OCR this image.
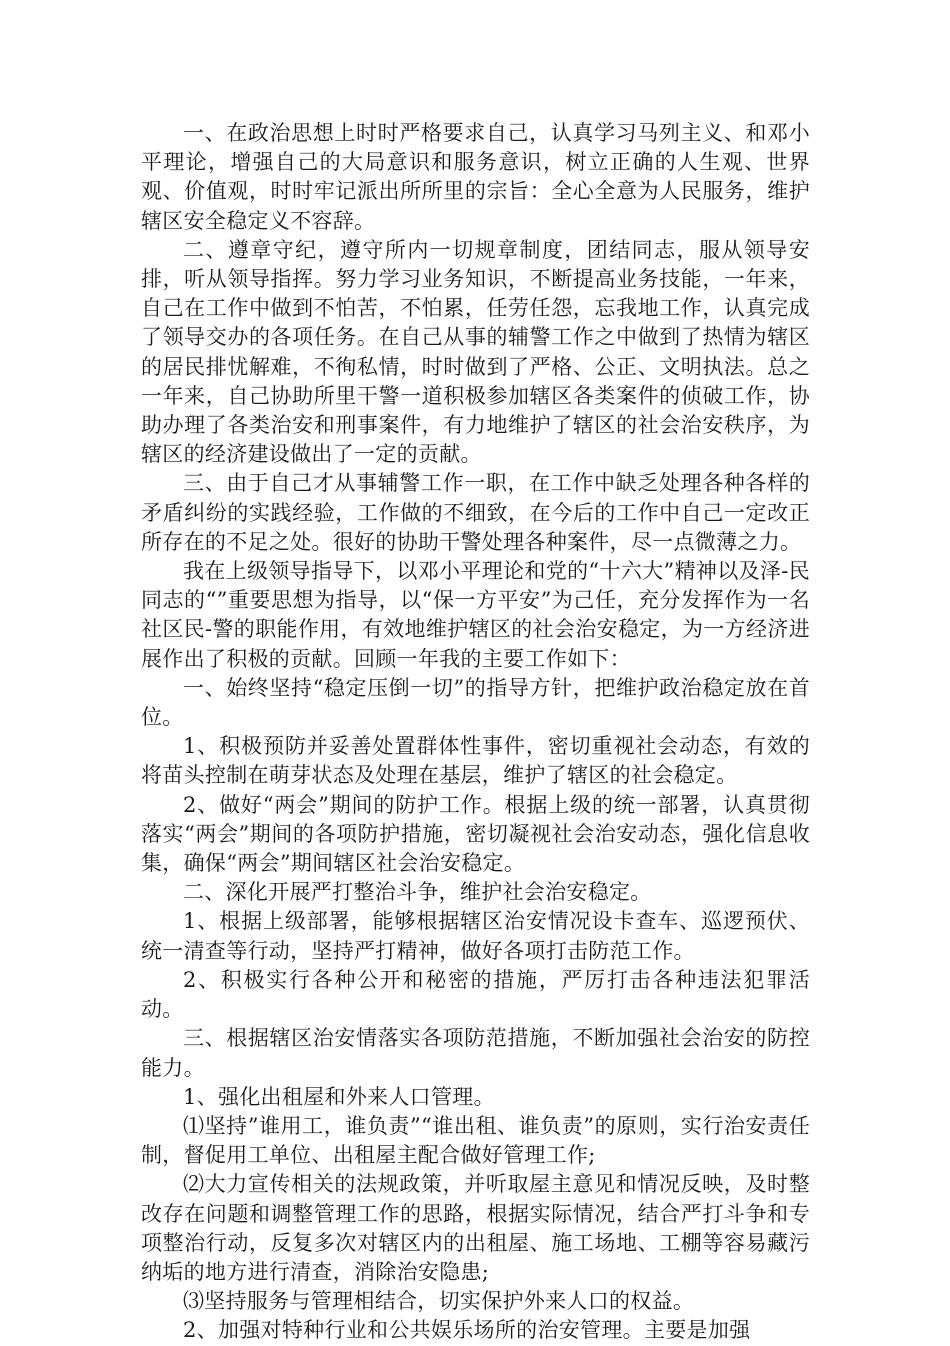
一、在政治思想上时时严格要求自己，认真学习马列主义、和邓小平理论，增强自己的大局意识和服务意识，树立正确的人生观、世界观、价值观，时时牢记派出所所里的宗旨：全心全意为人民服务，维护辖区安全稳定义不容辞。

二、遵章守纪，遵守所内一切规章制度，团结同志，服从领导安排，听从领导指挥。努力学习业务知识，不断提高业务技能，一年来，自己在工作中做到不怕苦，不怕累，任劳任怨，忘我地工作，认真完成了领导交办的各项任务。在自己从事的辅警工作之中做到了热情为辖区的居民排忧解难，不徇私情，时时做到了严格、公正、文明执法。总之一年来，自己协助所里干警一道积极参加辖区各类案件的侦破工作，协助办理了各类治安和刑事案件，有力地维护了辖区的社会治安秩序，为辖区的经济建设做出了一定的贡献。

三、由于自己才从事辅警工作一职，在工作中缺乏处理各种各样的矛盾纠纷的实践经验，工作做的不细致，在今后的工作中自己一定改正所存在的不足之处。很好的协助干警处理各种案件，尽一点微薄之力。

我在上级领导指导下，以邓小平理论和党的“十六大”精神以及泽-民同志的“”重要思想为指导，以“保一方平安”为己任，充分发挥作为一名社区民-警的职能作用，有效地维护辖区的社会治安稳定，为一方经济进展作出了积极的贡献。回顾一年我的主要工作如下：

一、始终坚持“稳定压倒一切”的指导方针，把维护政治稳定放在首位。

1、积极预防并妥善处置群体性事件，密切重视社会动态，有效的将苗头控制在萌芽状态及处理在基层，维护了辖区的社会稳定。

2、做好“两会”期间的防护工作。根据上级的统一部署，认真贯彻落实“两会”期间的各项防护措施，密切凝视社会治安动态，强化信息收集，确保“两会”期间辖区社会治安稳定。

二、深化开展严打整治斗争，维护社会治安稳定。

1、根据上级部署，能够根据辖区治安情况设卡查车、巡逻预伏、统一清查等行动，坚持严打精神，做好各项打击防范工作。

2、积极实行各种公开和秘密的措施，严厉打击各种违法犯罪活动。

三、根据辖区治安情落实各项防范措施，不断加强社会治安的防控能力。

1、强化出租屋和外来人口管理。

⑴坚持”谁用工，谁负责”“谁出租、谁负责”的原则，实行治安责任制，督促用工单位、出租屋主配合做好管理工作;

⑵大力宣传相关的法规政策，并听取屋主意见和情况反映，及时整改存在问题和调整管理工作的思路，根据实际情况，结合严打斗争和专项整治行动，反复多次对辖区内的出租屋、施工场地、工棚等容易藏污纳垢的地方进行清查，消除治安隐患;

⑶坚持服务与管理相结合，切实保护外来人口的权益。

2、加强对特种行业和公共娱乐场所的治安管理。主要是加强
